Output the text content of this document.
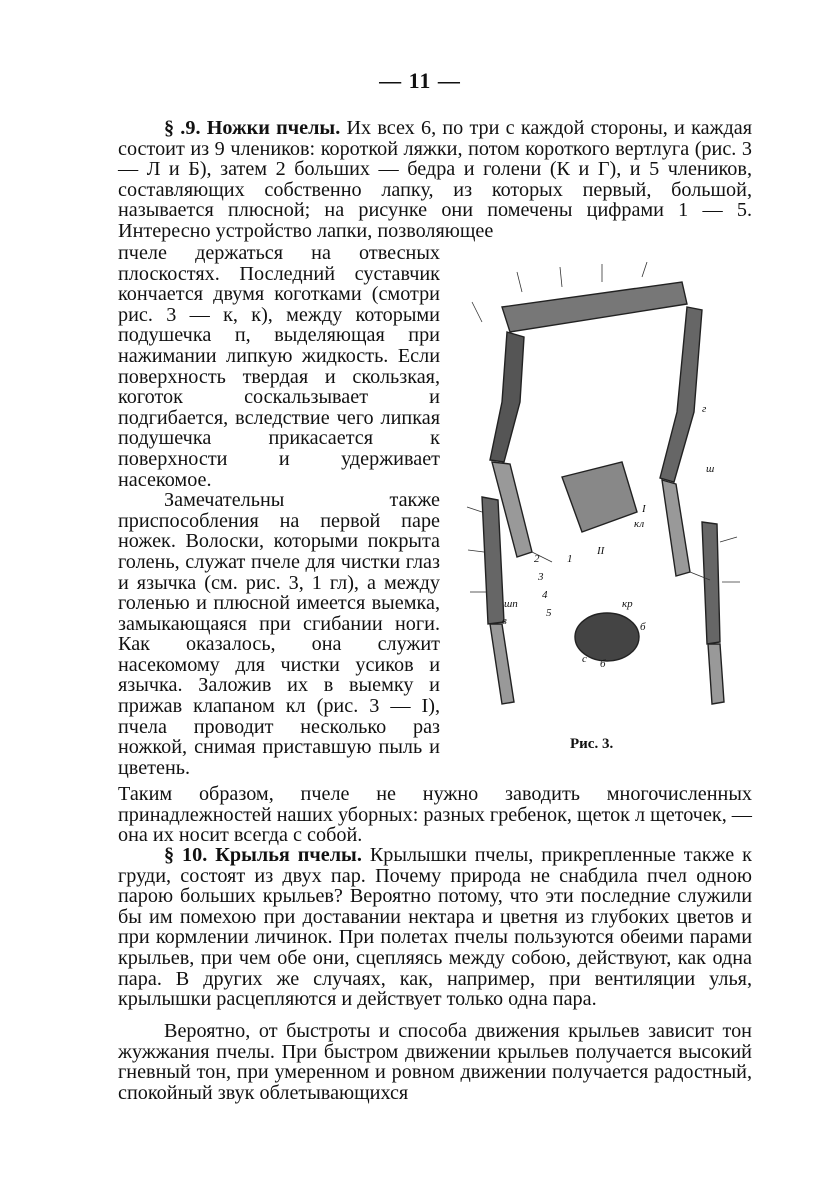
— 11 —

§ .9. Ножки пчелы. Их всех 6, по три с каждой стороны, и каждая состоит из 9 члеников: короткой ляжки, потом короткого вертлуга (рис. 3 — Л и Б), затем 2 больших — бедра и голени (К и Г), и 5 члеников, составляющих собственно лапку, из которых первый, большой, называется плюсной; на рисунке они помечены цифрами 1 — 5. Интересно устройство лапки, позволяющее

пчеле держаться на отвесных плоскостях. Последний суставчик кончается двумя коготками (смотри рис. 3 — к, к), между которыми подушечка п, выделяющая при нажимании липкую жидкость. Если поверхность твердая и скользкая, коготок соскальзывает и подгибается, вследствие чего липкая подушечка прикасается к поверхности и удерживает насекомое.

Замечательны также приспособления на первой паре ножек. Волоски, которыми покрыта голень, служат пчеле для чистки глаз и язычка (см. рис. 3, 1 гл), а между голенью и плюсной имеется выемка, замыкающаяся при сгибании ноги. Как оказалось, она служит насекомому для чистки усиков и язычка. Заложив их в выемку и прижав клапаном кл (рис. 3 — I), пчела проводит несколько раз ножкой, снимая приставшую пыль и цветень.

г
ш
I
кл
II
1
кр
б
б
с
2
3
4
5
шп
в
Рис. 3.

Таким образом, пчеле не нужно заводить многочисленных принадлежностей наших уборных: разных гребенок, щеток л щеточек, — она их носит всегда с собой.

§ 10. Крылья пчелы. Крылышки пчелы, прикрепленные также к груди, состоят из двух пар. Почему природа не снабдила пчел одною парою больших крыльев? Вероятно потому, что эти последние служили бы им помехою при доставании нектара и цветня из глубоких цветов и при кормлении личинок. При полетах пчелы пользуются обеими парами крыльев, при чем обе они, сцепляясь между собою, действуют, как одна пара. В других же случаях, как, например, при вентиляции улья, крылышки расцепляются и действует только одна пара.

Вероятно, от быстроты и способа движения крыльев зависит тон жужжания пчелы. При быстром движении крыльев получается высокий гневный тон, при умеренном и ровном движении получается радостный, спокойный звук облетывающихся
